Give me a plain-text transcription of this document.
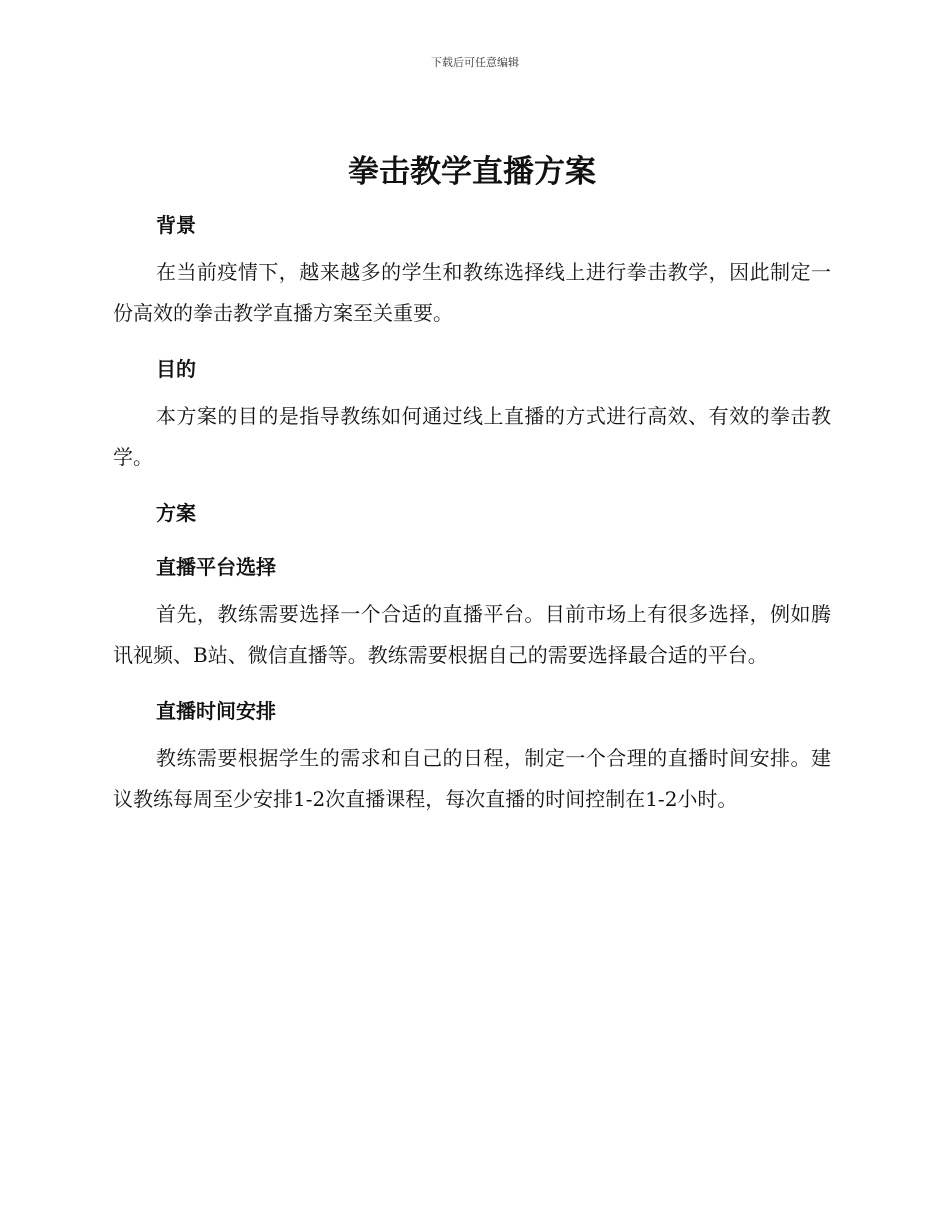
下载后可任意编辑
拳击教学直播方案
背景

在当前疫情下，越来越多的学生和教练选择线上进行拳击教学，因此制定一份高效的拳击教学直播方案至关重要。

目的

本方案的目的是指导教练如何通过线上直播的方式进行高效、有效的拳击教学。

方案
直播平台选择

首先，教练需要选择一个合适的直播平台。目前市场上有很多选择，例如腾讯视频、B站、微信直播等。教练需要根据自己的需要选择最合适的平台。

直播时间安排

教练需要根据学生的需求和自己的日程，制定一个合理的直播时间安排。建议教练每周至少安排1-2次直播课程，每次直播的时间控制在1-2小时。
